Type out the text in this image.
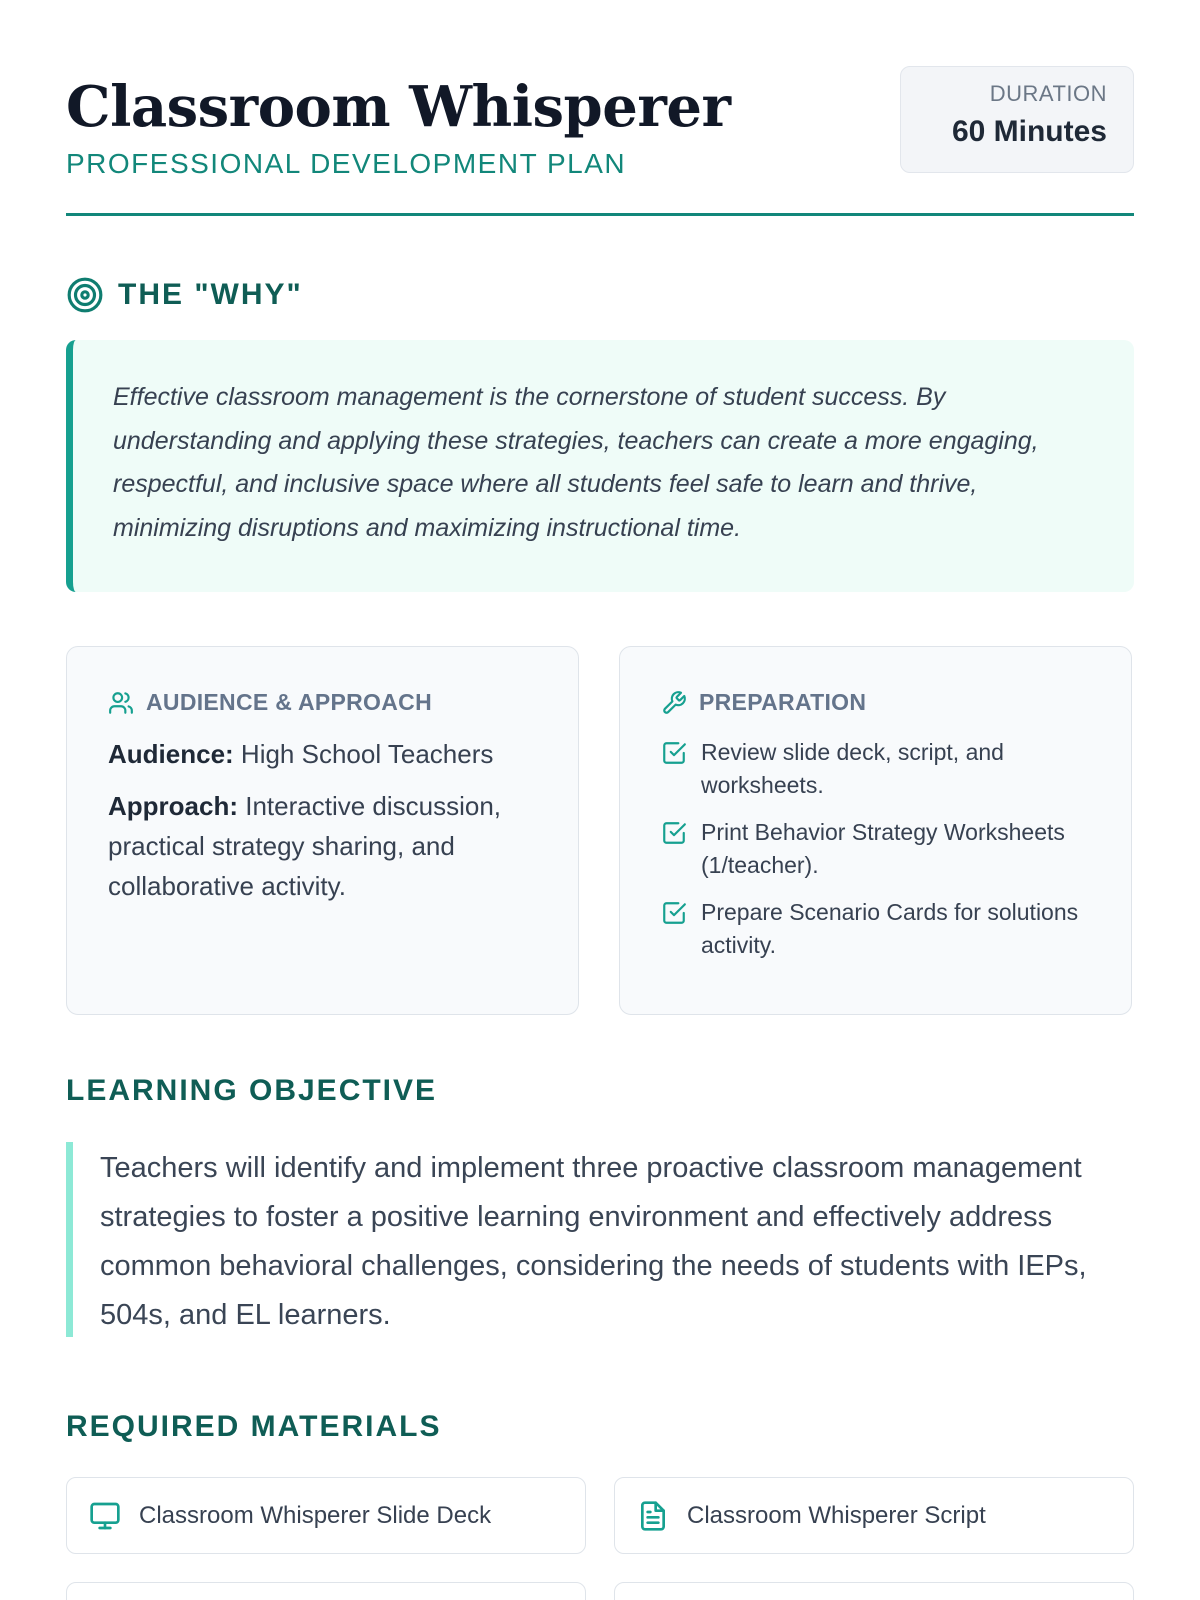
Classroom Whisperer
PROFESSIONAL DEVELOPMENT PLAN
DURATION
60 Minutes
THE "WHY"

Effective classroom management is the cornerstone of student success. By understanding and applying these strategies, teachers can create a more engaging, respectful, and inclusive space where all students feel safe to learn and thrive, minimizing disruptions and maximizing instructional time.

AUDIENCE & APPROACH

Audience: High School Teachers

Approach: Interactive discussion, practical strategy sharing, and collaborative activity.

PREPARATION
Review slide deck, script, and worksheets.
Print Behavior Strategy Worksheets (1/teacher).
Prepare Scenario Cards for solutions activity.
LEARNING OBJECTIVE

Teachers will identify and implement three proactive classroom management strategies to foster a positive learning environment and effectively address common behavioral challenges, considering the needs of students with IEPs, 504s, and EL learners.

REQUIRED MATERIALS
Classroom Whisperer Slide Deck	Classroom Whisperer Script
